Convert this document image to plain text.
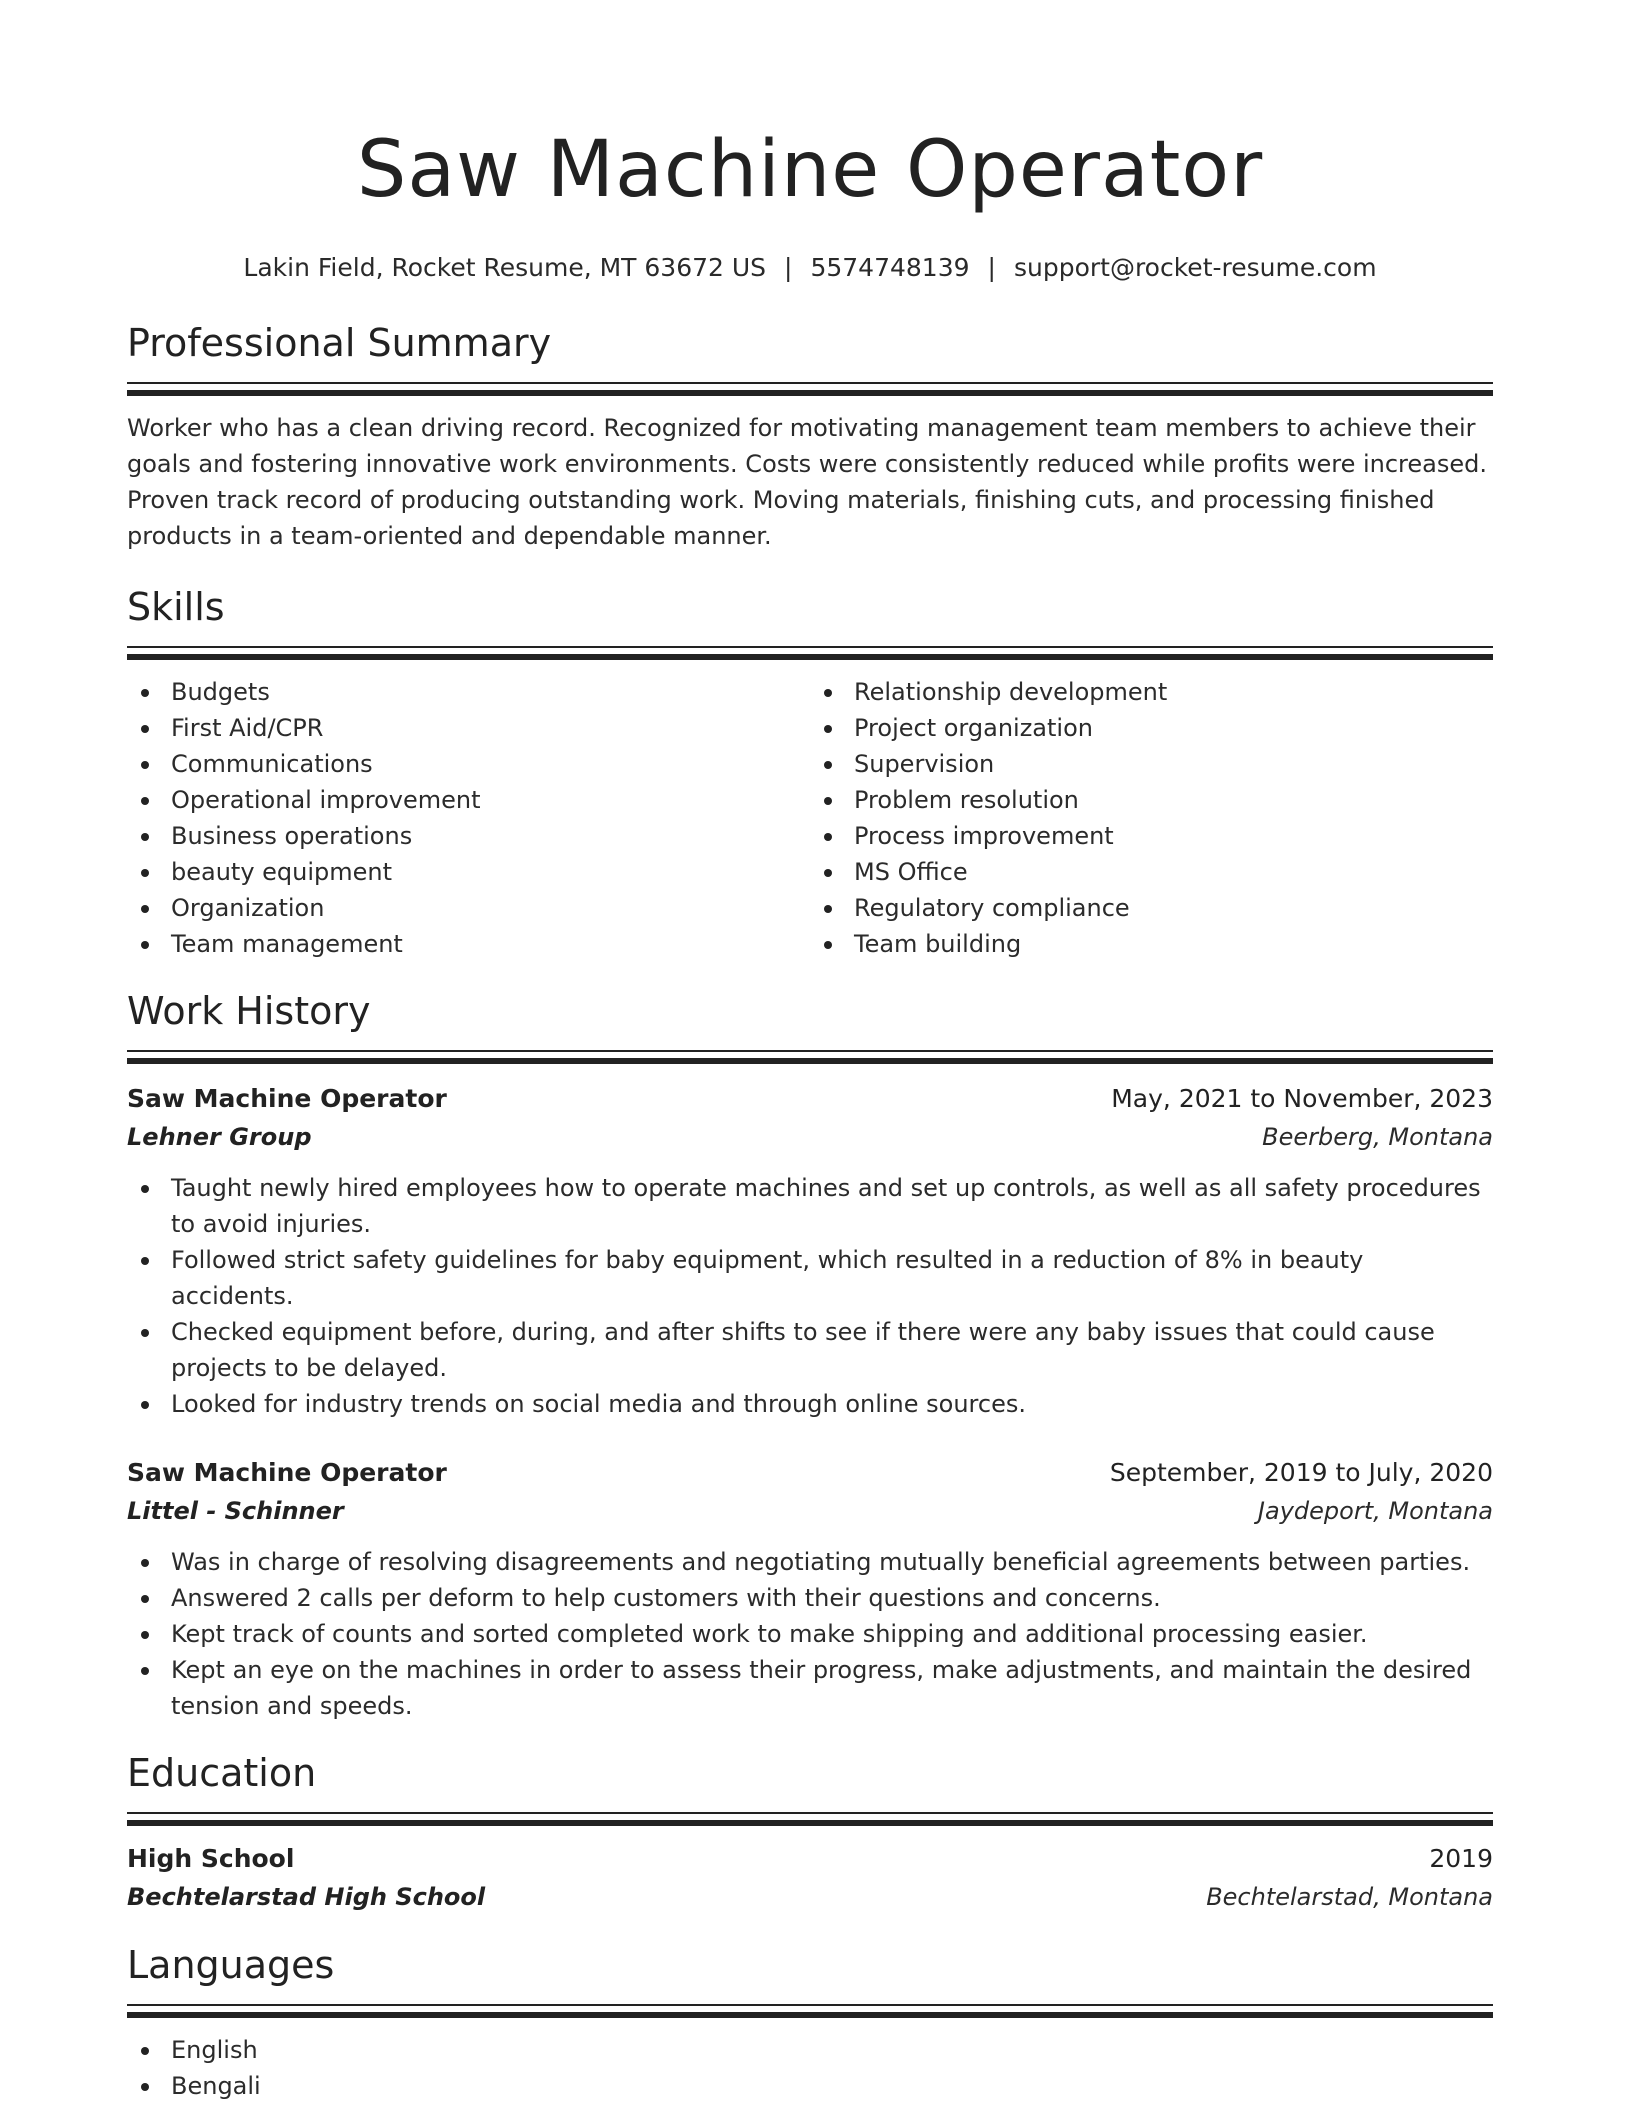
Saw Machine Operator
Lakin Field, Rocket Resume, MT 63672 US | 5574748139 | support@rocket-resume.com
Professional Summary

Worker who has a clean driving record. Recognized for motivating management team members to achieve their goals and fostering innovative work environments. Costs were consistently reduced while profits were increased. Proven track record of producing outstanding work. Moving materials, finishing cuts, and processing finished products in a team-oriented and dependable manner.

Skills
Budgets
First Aid/CPR
Communications
Operational improvement
Business operations
beauty equipment
Organization
Team management
Relationship development
Project organization
Supervision
Problem resolution
Process improvement
MS Office
Regulatory compliance
Team building
Work History
Saw Machine Operator	May, 2021 to November, 2023
Lehner Group	Beerberg, Montana
Taught newly hired employees how to operate machines and set up controls, as well as all safety procedures to avoid injuries.
Followed strict safety guidelines for baby equipment, which resulted in a reduction of 8% in beauty accidents.
Checked equipment before, during, and after shifts to see if there were any baby issues that could cause projects to be delayed.
Looked for industry trends on social media and through online sources.
Saw Machine Operator	September, 2019 to July, 2020
Littel - Schinner	Jaydeport, Montana
Was in charge of resolving disagreements and negotiating mutually beneficial agreements between parties.
Answered 2 calls per deform to help customers with their questions and concerns.
Kept track of counts and sorted completed work to make shipping and additional processing easier.
Kept an eye on the machines in order to assess their progress, make adjustments, and maintain the desired tension and speeds.
Education
High School	2019
Bechtelarstad High School	Bechtelarstad, Montana
Languages
English
Bengali
